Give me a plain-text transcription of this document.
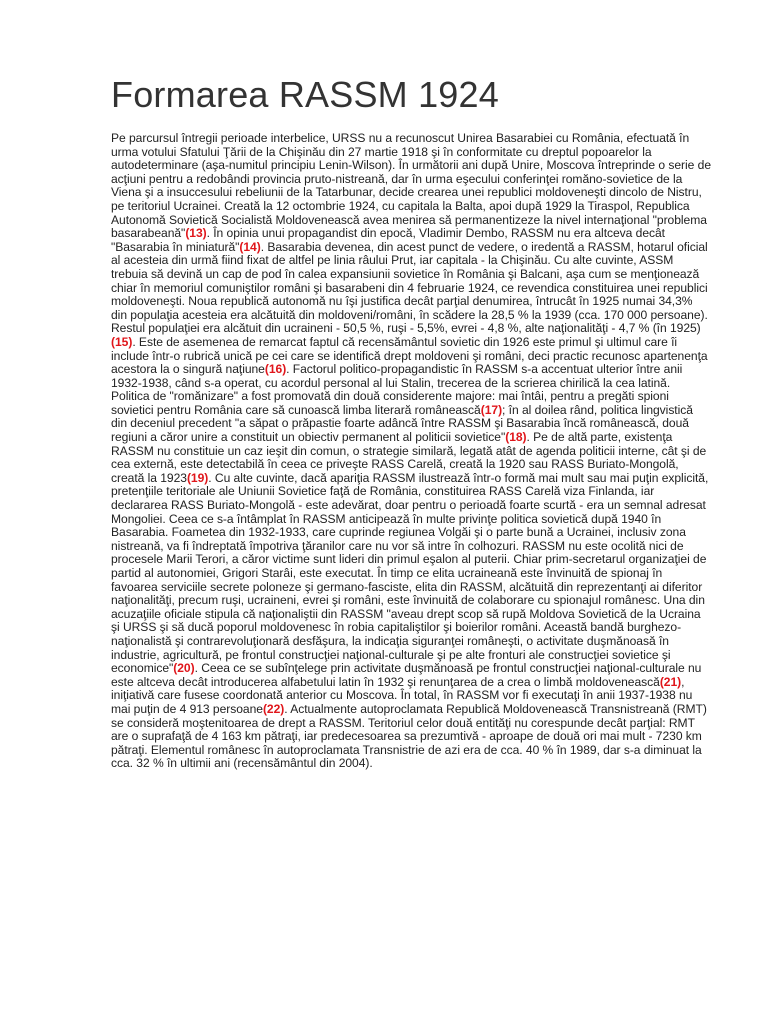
Formarea RASSM 1924

Pe parcursul întregii perioade interbelice, URSS nu a recunoscut Unirea Basarabiei cu România, efectuată în urma votului Sfatului Ţării de la Chişinău din 27 martie 1918 şi în conformitate cu dreptul popoarelor la autodeterminare (aşa-numitul principiu Lenin-Wilson). În următorii ani după Unire, Moscova întreprinde o serie de acţiuni pentru a redobândi provincia pruto-nistreană, dar în urma eşecului conferinţei romăno-sovietice de la Viena şi a insuccesului rebeliunii de la Tatarbunar, decide crearea unei republici moldoveneşti dincolo de Nistru, pe teritoriul Ucrainei. Creată la 12 octombrie 1924, cu capitala la Balta, apoi după 1929 la Tiraspol, Republica Autonomă Sovietică Socialistă Moldovenească avea menirea să permanentizeze la nivel internaţional "problema basarabeană"(13). În opinia unui propagandist din epocă, Vladimir Dembo, RASSM nu era altceva decât "Basarabia în miniatură"(14). Basarabia devenea, din acest punct de vedere, o iredentă a RASSM, hotarul oficial al acesteia din urmă fiind fixat de altfel pe linia râului Prut, iar capitala - la Chişinău. Cu alte cuvinte, ASSM trebuia să devină un cap de pod în calea expansiunii sovietice în România şi Balcani, aşa cum se menţionează chiar în memoriul comuniştilor români şi basarabeni din 4 februarie 1924, ce revendica constituirea unei republici moldoveneşti. Noua republică autonomă nu îşi justifica decât parţial denumirea, întrucât în 1925 numai 34,3% din populaţia acesteia era alcătuită din moldoveni/români, în scădere la 28,5 % la 1939 (cca. 170 000 persoane). Restul populaţiei era alcătuit din ucraineni - 50,5 %, ruşi - 5,5%, evrei - 4,8 %, alte naţionalităţi - 4,7 % (în 1925)(15). Este de asemenea de remarcat faptul că recensământul sovietic din 1926 este primul şi ultimul care îi include într-o rubrică unică pe cei care se identifică drept moldoveni şi români, deci practic recunosc apartenenţa acestora la o singură naţiune(16). Factorul politico-propagandistic în RASSM s-a accentuat ulterior între anii 1932-1938, când s-a operat, cu acordul personal al lui Stalin, trecerea de la scrierea chirilică la cea latină. Politica de "romănizare" a fost promovată din două considerente majore: mai întâi, pentru a pregăti spioni sovietici pentru România care să cunoască limba literară românească(17); în al doilea rând, politica lingvistică din deceniul precedent "a săpat o prăpastie foarte adâncă între RASSM şi Basarabia încă românească, două regiuni a căror unire a constituit un obiectiv permanent al politicii sovietice"(18). Pe de altă parte, existenţa RASSM nu constituie un caz ieşit din comun, o strategie similară, legată atât de agenda politicii interne, cât şi de cea externă, este detectabilă în ceea ce priveşte RASS Carelă, creată la 1920 sau RASS Buriato-Mongolă, creată la 1923(19). Cu alte cuvinte, dacă apariţia RASSM ilustrează într-o formă mai mult sau mai puţin explicită, pretenţiile teritoriale ale Uniunii Sovietice faţă de România, constituirea RASS Carelă viza Finlanda, iar declararea RASS Buriato-Mongolă - este adevărat, doar pentru o perioadă foarte scurtă - era un semnal adresat Mongoliei. Ceea ce s-a întâmplat în RASSM anticipează în multe privinţe politica sovietică după 1940 în Basarabia. Foametea din 1932-1933, care cuprinde regiunea Volgăi şi o parte bună a Ucrainei, inclusiv zona nistreană, va fi îndreptată împotriva ţăranilor care nu vor să intre în colhozuri. RASSM nu este ocolită nici de procesele Marii Terori, a căror victime sunt lideri din primul eşalon al puterii. Chiar prim-secretarul organizaţiei de partid al autonomiei, Grigori Starâi, este executat. În timp ce elita ucraineană este învinuită de spionaj în favoarea serviciile secrete poloneze şi germano-fasciste, elita din RASSM, alcătuită din reprezentanţi ai diferitor naţionalităţi, precum ruşi, ucraineni, evrei şi români, este învinuită de colaborare cu spionajul românesc. Una din acuzaţiile oficiale stipula că naţionaliştii din RASSM "aveau drept scop să rupă Moldova Sovietică de la Ucraina şi URSS şi să ducă poporul moldovenesc în robia capitaliştilor şi boierilor români. Această bandă burghezo-naţionalistă şi contrarevoluţionară desfăşura, la indicaţia siguranţei româneşti, o activitate duşmănoasă în industrie, agricultură, pe frontul construcţiei naţional-culturale şi pe alte fronturi ale construcţiei sovietice şi economice"(20). Ceea ce se subînţelege prin activitate duşmănoasă pe frontul construcţiei naţional-culturale nu este altceva decât introducerea alfabetului latin în 1932 şi renunţarea de a crea o limbă moldovenească(21), iniţiativă care fusese coordonată anterior cu Moscova. În total, în RASSM vor fi executaţi în anii 1937-1938 nu mai puţin de 4 913 persoane(22). Actualmente autoproclamata Republică Moldovenească Transnistreană (RMT) se consideră moştenitoarea de drept a RASSM. Teritoriul celor două entităţi nu corespunde decât parţial: RMT are o suprafaţă de 4 163 km pătraţi, iar predecesoarea sa prezumtivă - aproape de două ori mai mult - 7230 km pătraţi. Elementul românesc în autoproclamata Transnistrie de azi era de cca. 40 % în 1989, dar s-a diminuat la cca. 32 % în ultimii ani (recensământul din 2004).
